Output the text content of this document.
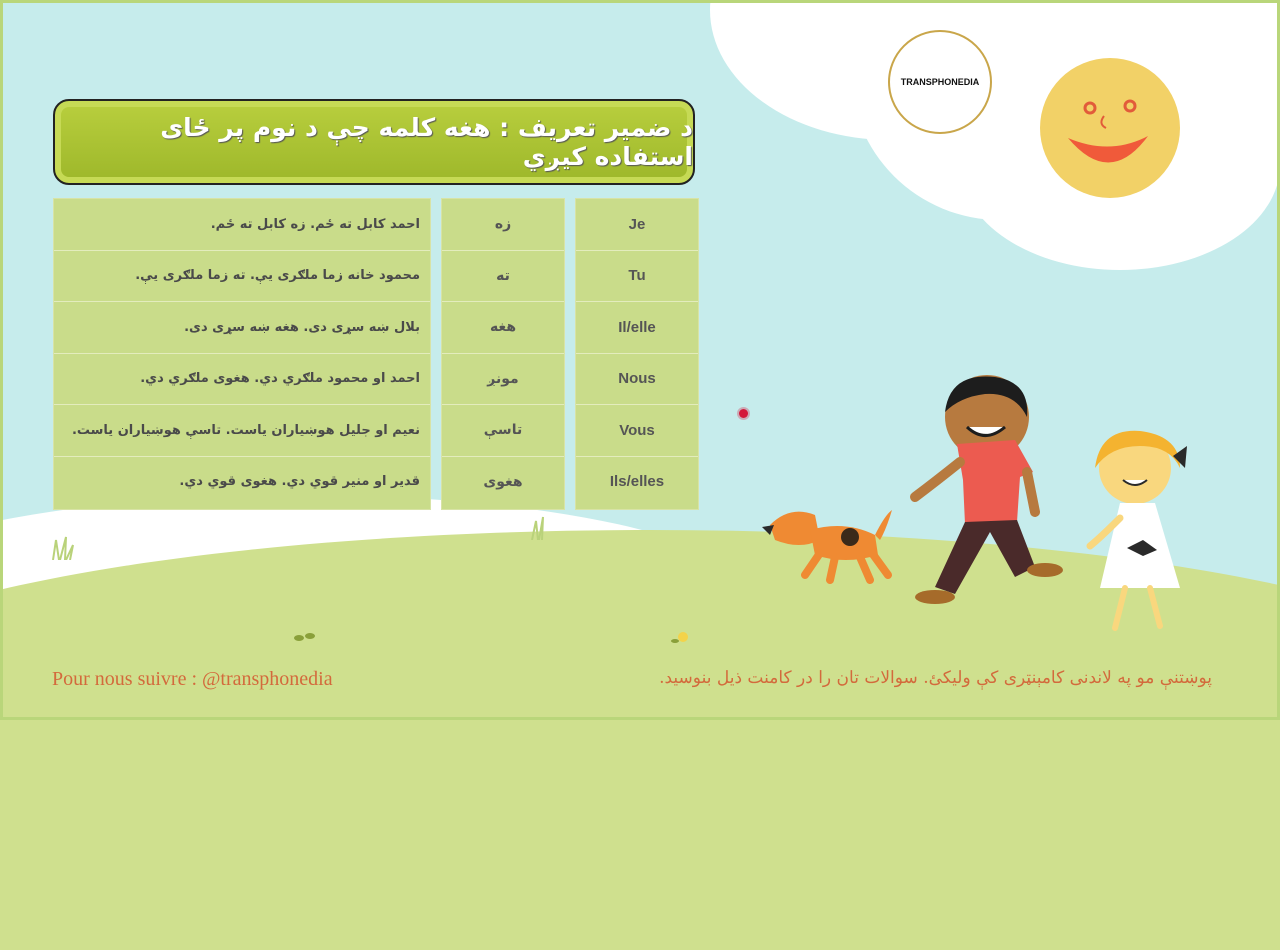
TRANSPHONEDIA
د ضمیر تعریف : هغه کلمه چې د نوم پر ځای استفاده کیږي
احمد کابل ته ځم. زه کابل ته ځم.
محمود خانه زما ملګری یې. ته زما ملګری یې.
بلال ښه سړی دی. هغه ښه سړی دی.
احمد او محمود ملګري دي. هغوی ملګري دي.
نعیم او جلیل هوښیاران یاست. تاسې هوښیاران یاست.
قدیر او منیر قوي دي. هغوی قوي دي.
زه
ته
هغه
مونږ
تاسې
هغوی
Je
Tu
Il/elle
Nous
Vous
Ils/elles
Pour nous suivre : @transphonedia	پوښتنې مو په لاندنی کامېنټری کې ولیکئ. سوالات تان را در کامنت ذیل بنوسید.
